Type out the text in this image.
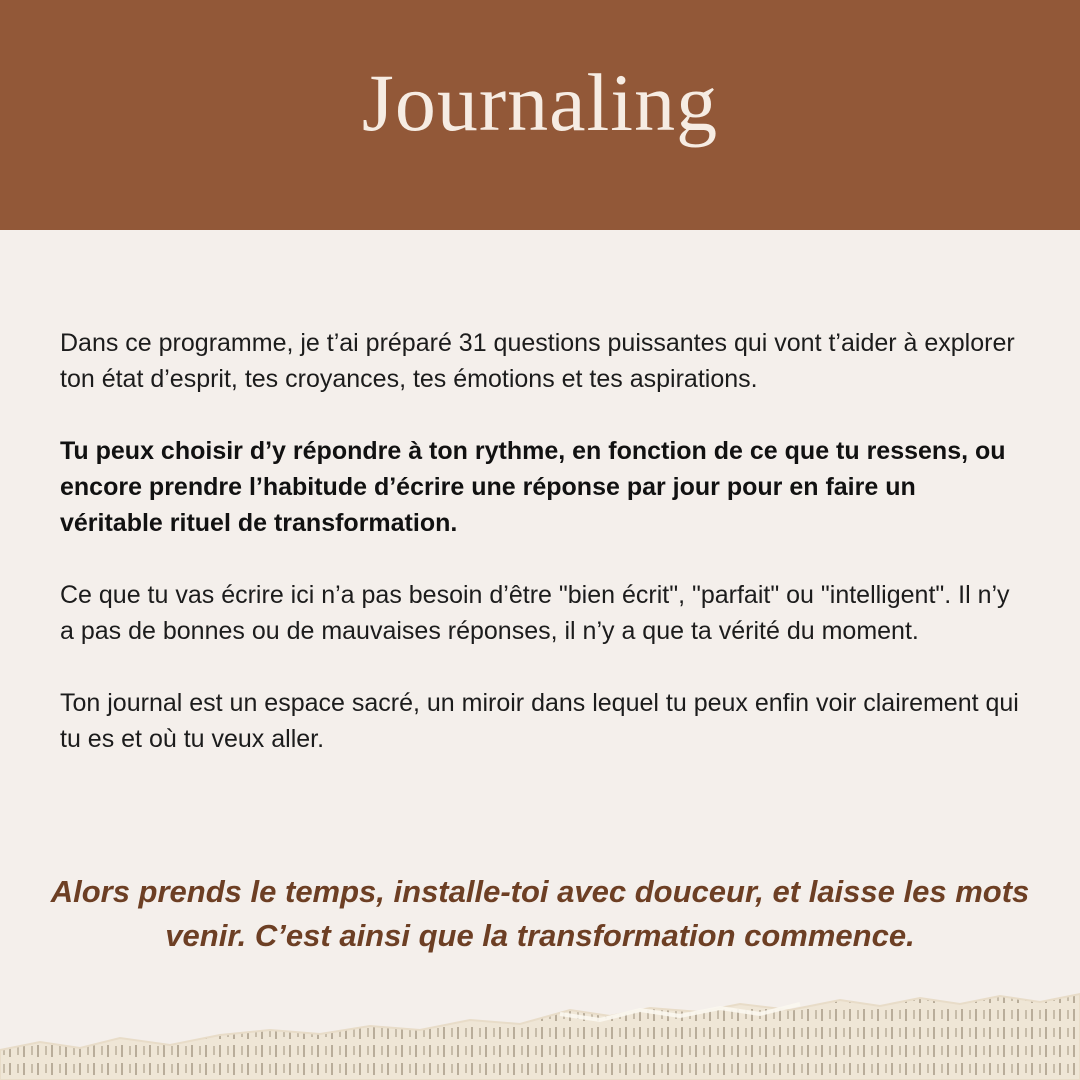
Journaling

Dans ce programme, je t’ai préparé 31 questions puissantes qui vont t’aider à explorer ton état d’esprit, tes croyances, tes émotions et tes aspirations.

Tu peux choisir d’y répondre à ton rythme, en fonction de ce que tu ressens, ou encore prendre l’habitude d’écrire une réponse par jour pour en faire un véritable rituel de transformation.

Ce que tu vas écrire ici n’a pas besoin d’être "bien écrit", "parfait" ou "intelligent". Il n’y a pas de bonnes ou de mauvaises réponses, il n’y a que ta vérité du moment.

Ton journal est un espace sacré, un miroir dans lequel tu peux enfin voir clairement qui tu es et où tu veux aller.

Alors prends le temps, installe-toi avec douceur, et laisse les mots venir. C’est ainsi que la transformation commence.
